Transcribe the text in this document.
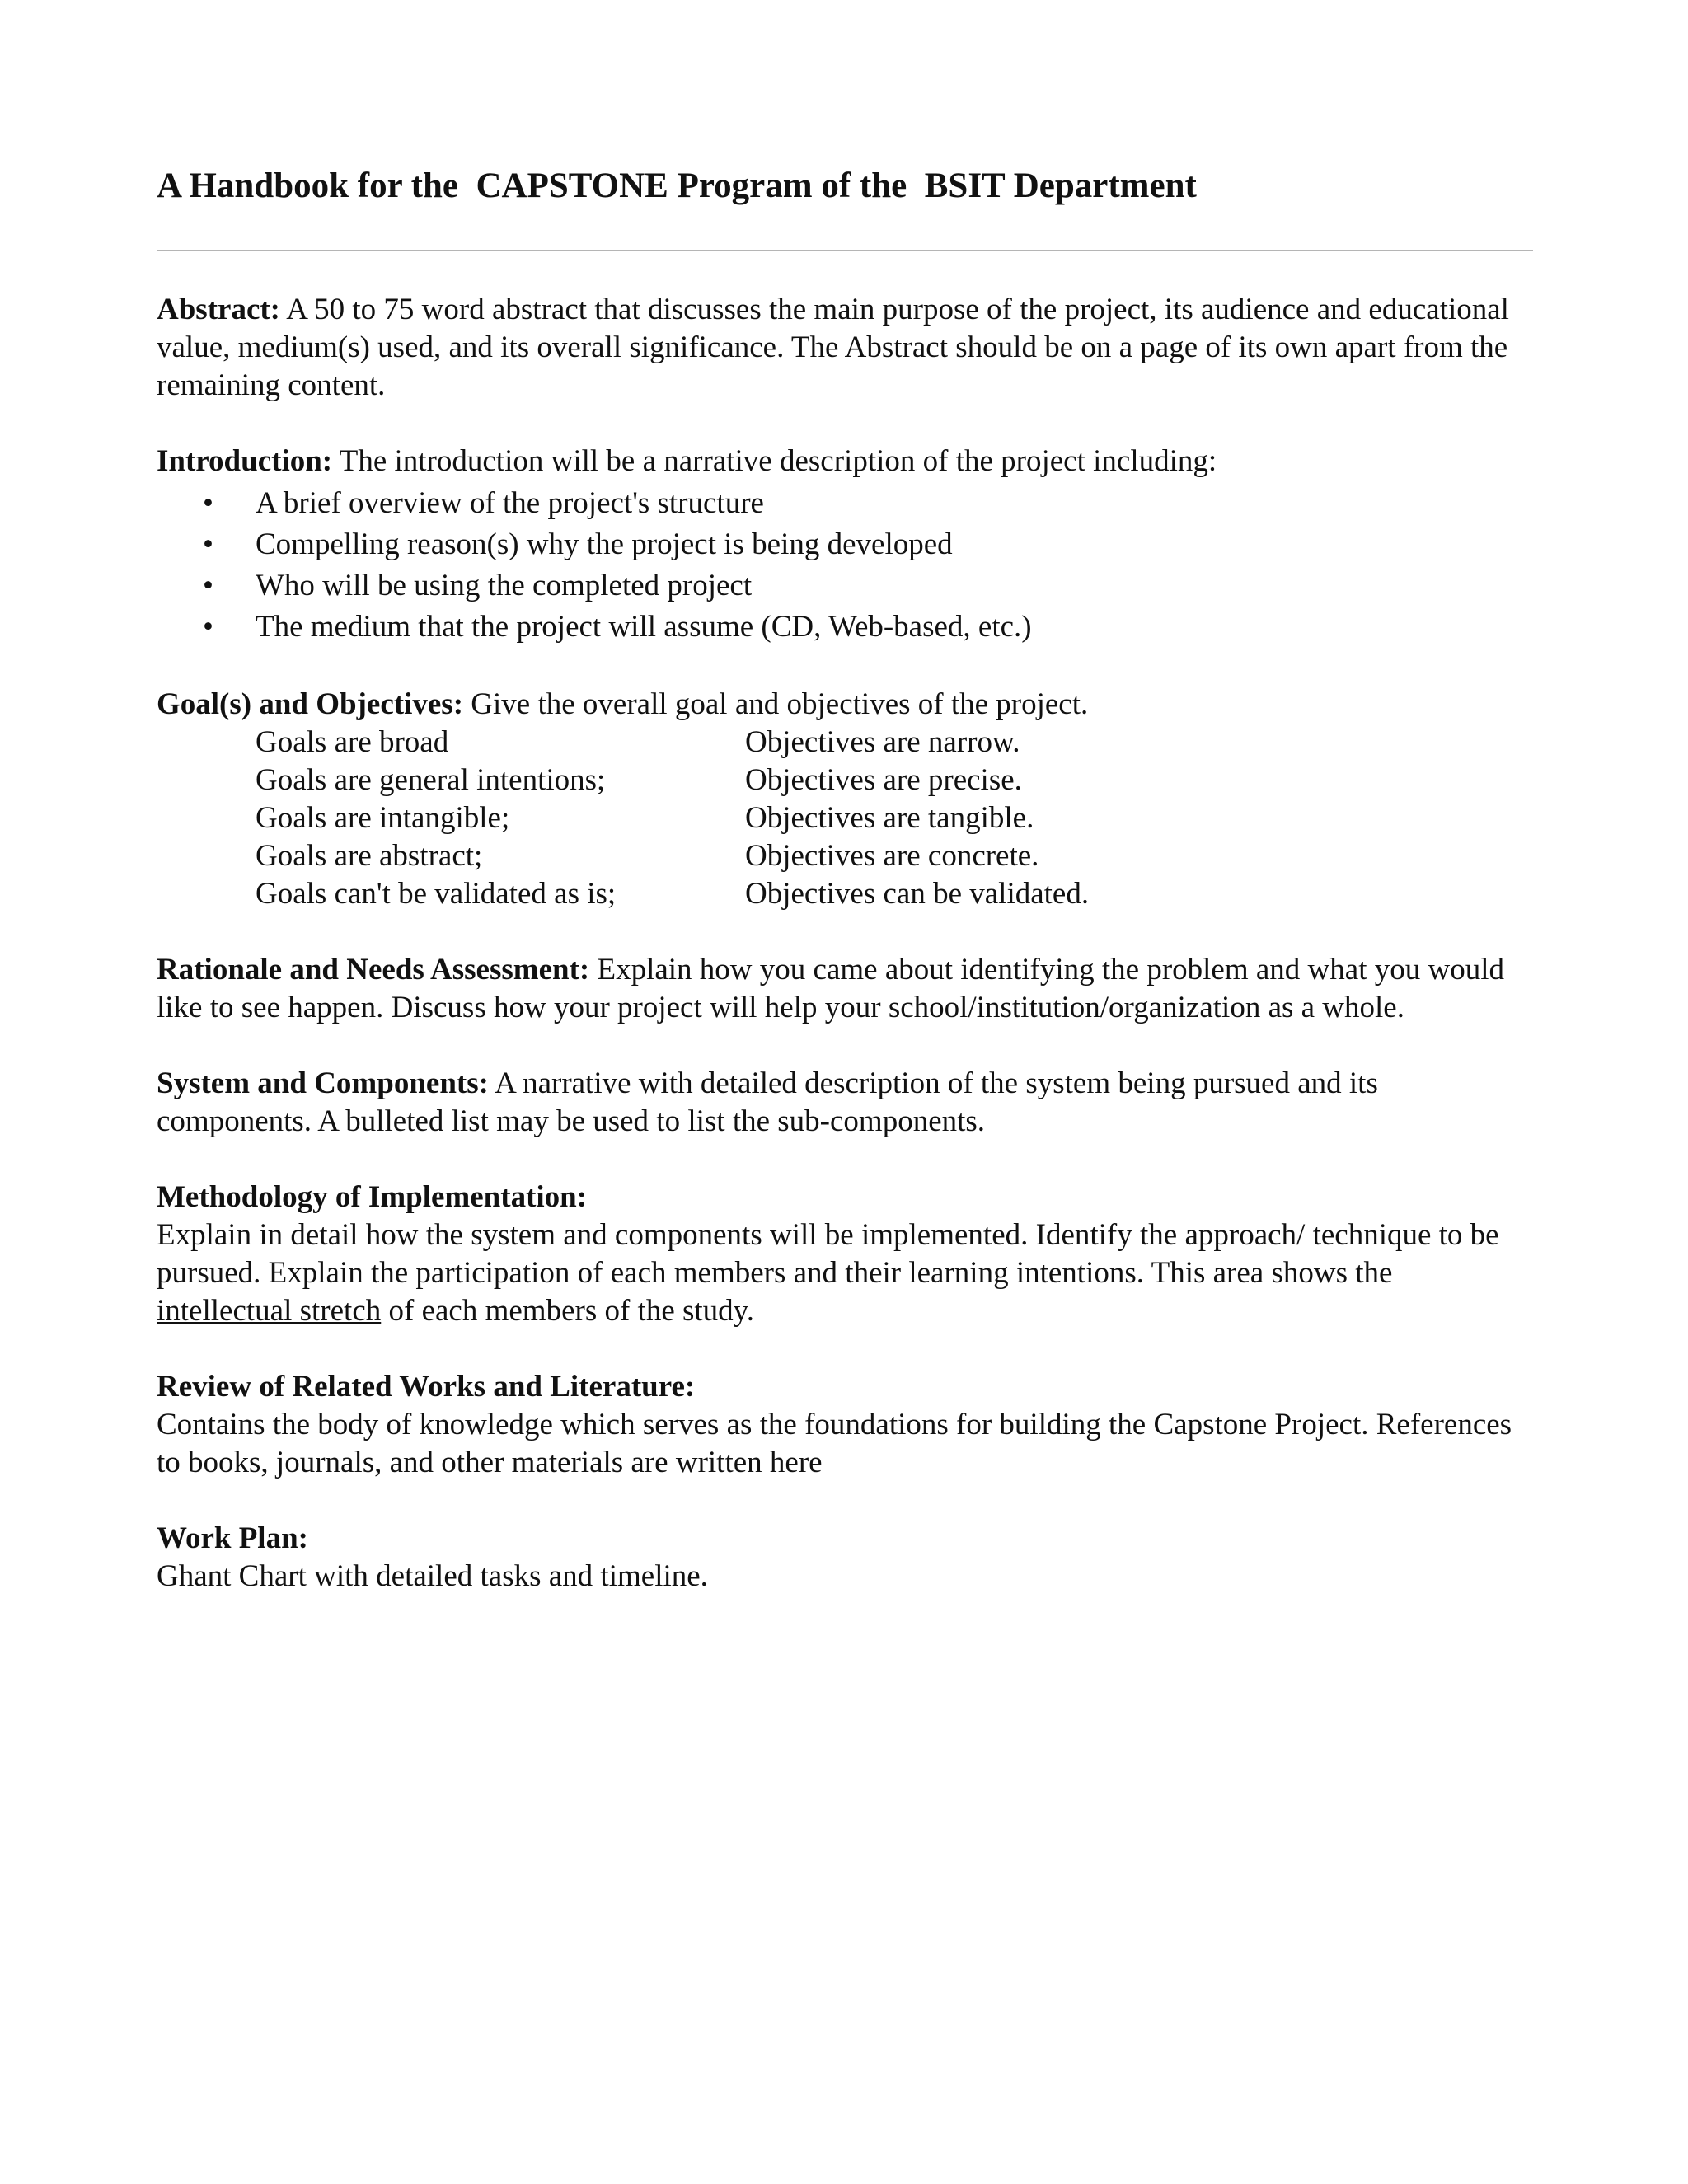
A Handbook for the  CAPSTONE Program of the  BSIT Department

Abstract: A 50 to 75 word abstract that discusses the main purpose of the project, its audience and educational value, medium(s) used, and its overall significance. The Abstract should be on a page of its own apart from the remaining content.

Introduction: The introduction will be a narrative description of the project including:

• A brief overview of the project's structure
• Compelling reason(s) why the project is being developed
• Who will be using the completed project
• The medium that the project will assume (CD, Web-based, etc.)

Goal(s) and Objectives: Give the overall goal and objectives of the project.

Goals are broad	Objectives are narrow.
Goals are general intentions;	Objectives are precise.
Goals are intangible;	Objectives are tangible.
Goals are abstract;	Objectives are concrete.
Goals can't be validated as is;	Objectives can be validated.

Rationale and Needs Assessment: Explain how you came about identifying the problem and what you would like to see happen. Discuss how your project will help your school/institution/organization as a whole.

System and Components: A narrative with detailed description of the system being pursued and its components. A bulleted list may be used to list the sub-components.

Methodology of Implementation:

Explain in detail how the system and components will be implemented. Identify the approach/ technique to be pursued. Explain the participation of each members and their learning intentions. This area shows the intellectual stretch of each members of the study.

Review of Related Works and Literature:

Contains the body of knowledge which serves as the foundations for building the Capstone Project. References to books, journals, and other materials are written here

Work Plan:

Ghant Chart with detailed tasks and timeline.
